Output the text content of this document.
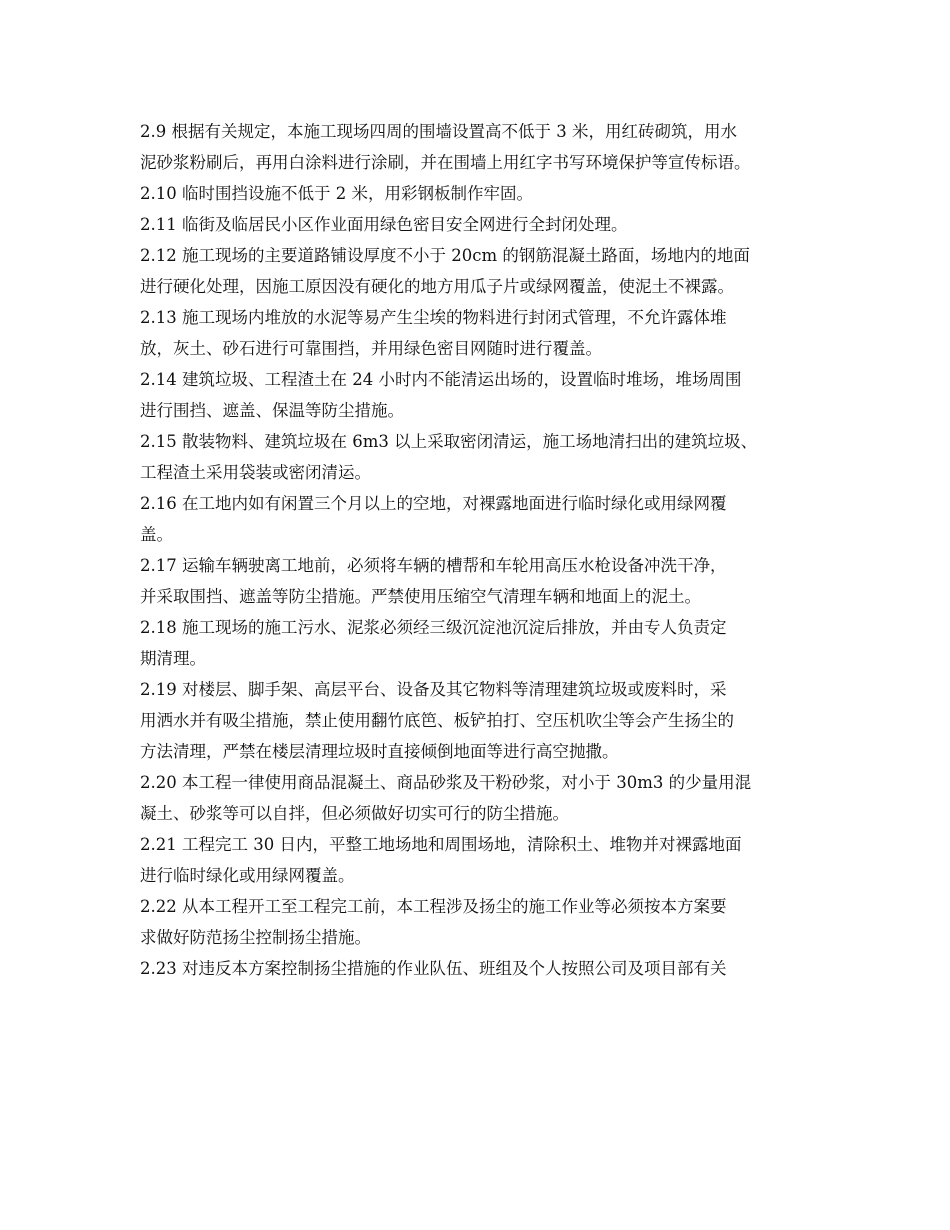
2.9 根据有关规定，本施工现场四周的围墙设置高不低于 3 米，用红砖砌筑，用水
泥砂浆粉刷后，再用白涂料进行涂刷，并在围墙上用红字书写环境保护等宣传标语。

2.10 临时围挡设施不低于 2 米，用彩钢板制作牢固。

2.11 临街及临居民小区作业面用绿色密目安全网进行全封闭处理。

2.12 施工现场的主要道路铺设厚度不小于 20cm 的钢筋混凝土路面，场地内的地面
进行硬化处理，因施工原因没有硬化的地方用瓜子片或绿网覆盖，使泥土不裸露。

2.13 施工现场内堆放的水泥等易产生尘埃的物料进行封闭式管理，不允许露体堆
放，灰土、砂石进行可靠围挡，并用绿色密目网随时进行覆盖。

2.14 建筑垃圾、工程渣土在 24 小时内不能清运出场的，设置临时堆场，堆场周围
进行围挡、遮盖、保温等防尘措施。

2.15 散装物料、建筑垃圾在 6m3 以上采取密闭清运，施工场地清扫出的建筑垃圾、
工程渣土采用袋装或密闭清运。

2.16 在工地内如有闲置三个月以上的空地，对裸露地面进行临时绿化或用绿网覆
盖。

2.17 运输车辆驶离工地前，必须将车辆的槽帮和车轮用高压水枪设备冲洗干净，
并采取围挡、遮盖等防尘措施。严禁使用压缩空气清理车辆和地面上的泥土。

2.18 施工现场的施工污水、泥浆必须经三级沉淀池沉淀后排放，并由专人负责定
期清理。

2.19 对楼层、脚手架、高层平台、设备及其它物料等清理建筑垃圾或废料时，采
用洒水并有吸尘措施，禁止使用翻竹底笆、板铲拍打、空压机吹尘等会产生扬尘的
方法清理，严禁在楼层清理垃圾时直接倾倒地面等进行高空抛撒。

2.20 本工程一律使用商品混凝土、商品砂浆及干粉砂浆，对小于 30m3 的少量用混
凝土、砂浆等可以自拌，但必须做好切实可行的防尘措施。

2.21 工程完工 30 日内，平整工地场地和周围场地，清除积土、堆物并对裸露地面
进行临时绿化或用绿网覆盖。

2.22 从本工程开工至工程完工前，本工程涉及扬尘的施工作业等必须按本方案要
求做好防范扬尘控制扬尘措施。

2.23 对违反本方案控制扬尘措施的作业队伍、班组及个人按照公司及项目部有关
